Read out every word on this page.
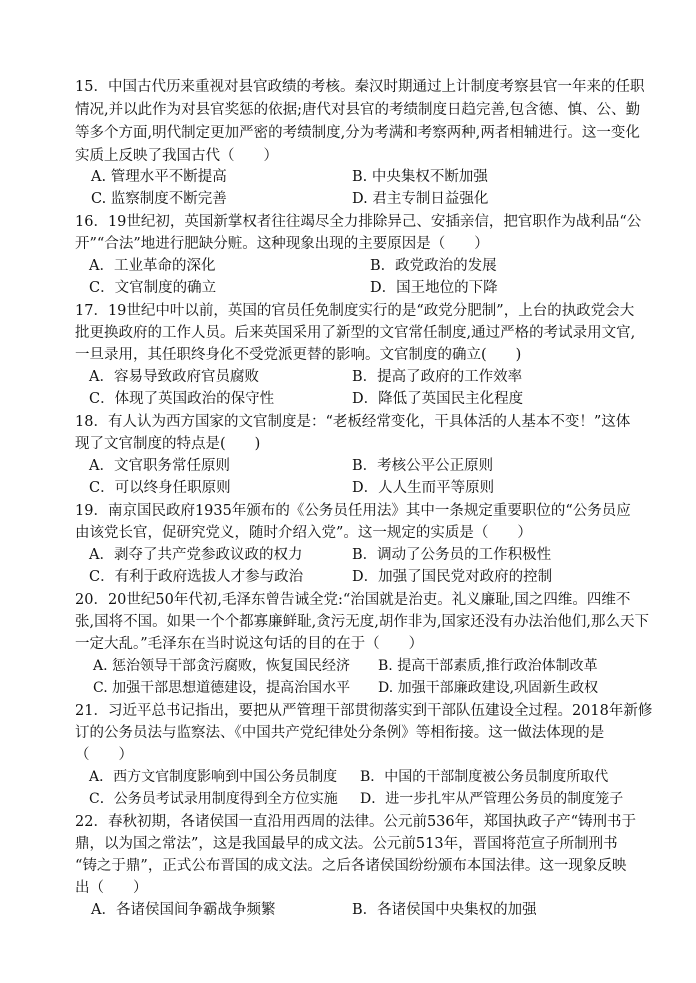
15．中国古代历来重视对县官政绩的考核。秦汉时期通过上计制度考察县官一年来的任职
情况,并以此作为对县官奖惩的依据;唐代对县官的考绩制度日趋完善,包含德、慎、公、勤
等多个方面,明代制定更加严密的考绩制度,分为考满和考察两种,两者相辅进行。这一变化
实质上反映了我国古代（　　）
A. 管理水平不断提高	B. 中央集权不断加强
C. 监察制度不断完善	D. 君主专制日益强化
16．19世纪初，英国新掌权者往往竭尽全力排除异己、安插亲信，把官职作为战利品“公
开”“合法”地进行肥缺分赃。这种现象出现的主要原因是（　　）
A．工业革命的深化	B．政党政治的发展
C．文官制度的确立	D．国王地位的下降
17．19世纪中叶以前，英国的官员任免制度实行的是“政党分肥制”，上台的执政党会大
批更换政府的工作人员。后来英国采用了新型的文官常任制度,通过严格的考试录用文官,
一旦录用，其任职终身化不受党派更替的影响。文官制度的确立(　　)
A．容易导致政府官员腐败	B．提高了政府的工作效率
C．体现了英国政治的保守性	D．降低了英国民主化程度
18．有人认为西方国家的文官制度是：“老板经常变化，干具体活的人基本不变！”这体
现了文官制度的特点是(　　)
A．文官职务常任原则	B．考核公平公正原则
C．可以终身任职原则	D．人人生而平等原则
19．南京国民政府1935年颁布的《公务员任用法》其中一条规定重要职位的“公务员应
由该党长官，促研究党义，随时介绍入党”。这一规定的实质是（　　）
A．剥夺了共产党参政议政的权力	B．调动了公务员的工作积极性
C．有利于政府选拔人才参与政治	D．加强了国民党对政府的控制
20．20世纪50年代初,毛泽东曾告诫全党:“治国就是治吏。礼义廉耻,国之四维。四维不
张,国将不国。如果一个个都寡廉鲜耻,贪污无度,胡作非为,国家还没有办法治他们,那么天下
一定大乱。”毛泽东在当时说这句话的目的在于（　　）
A. 惩治领导干部贪污腐败，恢复国民经济 B. 提高干部素质,推行政治体制改革
C. 加强干部思想道德建设，提高治国水平 D. 加强干部廉政建设,巩固新生政权
21．习近平总书记指出，要把从严管理干部贯彻落实到干部队伍建设全过程。2018年新修
订的公务员法与监察法、《中国共产党纪律处分条例》等相衔接。这一做法体现的是
（　　）
A．西方文官制度影响到中国公务员制度 B．中国的干部制度被公务员制度所取代
C．公务员考试录用制度得到全方位实施 D．进一步扎牢从严管理公务员的制度笼子
22．春秋初期，各诸侯国一直沿用西周的法律。公元前536年，郑国执政子产“铸刑书于
鼎，以为国之常法”，这是我国最早的成文法。公元前513年，晋国将范宣子所制刑书
“铸之于鼎”，正式公布晋国的成文法。之后各诸侯国纷纷颁布本国法律。这一现象反映
出（　　）
A．各诸侯国间争霸战争频繁	B．各诸侯国中央集权的加强
